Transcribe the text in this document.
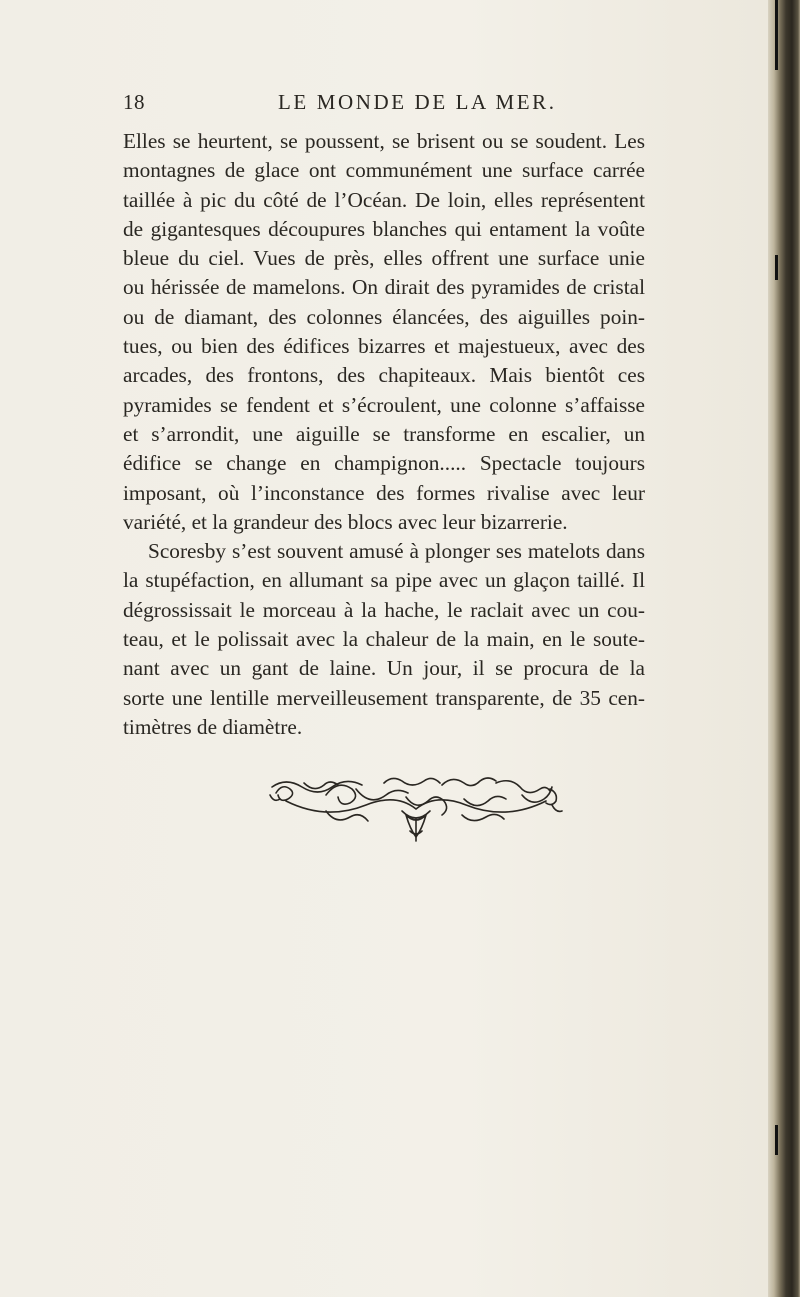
18	LE MONDE DE LA MER.
Elles se heurtent, se poussent, se brisent ou se soudent. Les
montagnes de glace ont communément une surface carrée
taillée à pic du côté de l’Océan. De loin, elles représentent
de gigantesques découpures blanches qui entament la voûte
bleue du ciel. Vues de près, elles offrent une surface unie
ou hérissée de mamelons. On dirait des pyramides de cristal
ou de diamant, des colonnes élancées, des aiguilles poin-
tues, ou bien des édifices bizarres et majestueux, avec des
arcades, des frontons, des chapiteaux. Mais bientôt ces
pyramides se fendent et s’écroulent, une colonne s’affaisse
et s’arrondit, une aiguille se transforme en escalier, un
édifice se change en champignon..... Spectacle toujours
imposant, où l’inconstance des formes rivalise avec leur
variété, et la grandeur des blocs avec leur bizarrerie.
Scoresby s’est souvent amusé à plonger ses matelots dans
la stupéfaction, en allumant sa pipe avec un glaçon taillé. Il
dégrossissait le morceau à la hache, le raclait avec un cou-
teau, et le polissait avec la chaleur de la main, en le soute-
nant avec un gant de laine. Un jour, il se procura de la
sorte une lentille merveilleusement transparente, de 35 cen-
timètres de diamètre.
